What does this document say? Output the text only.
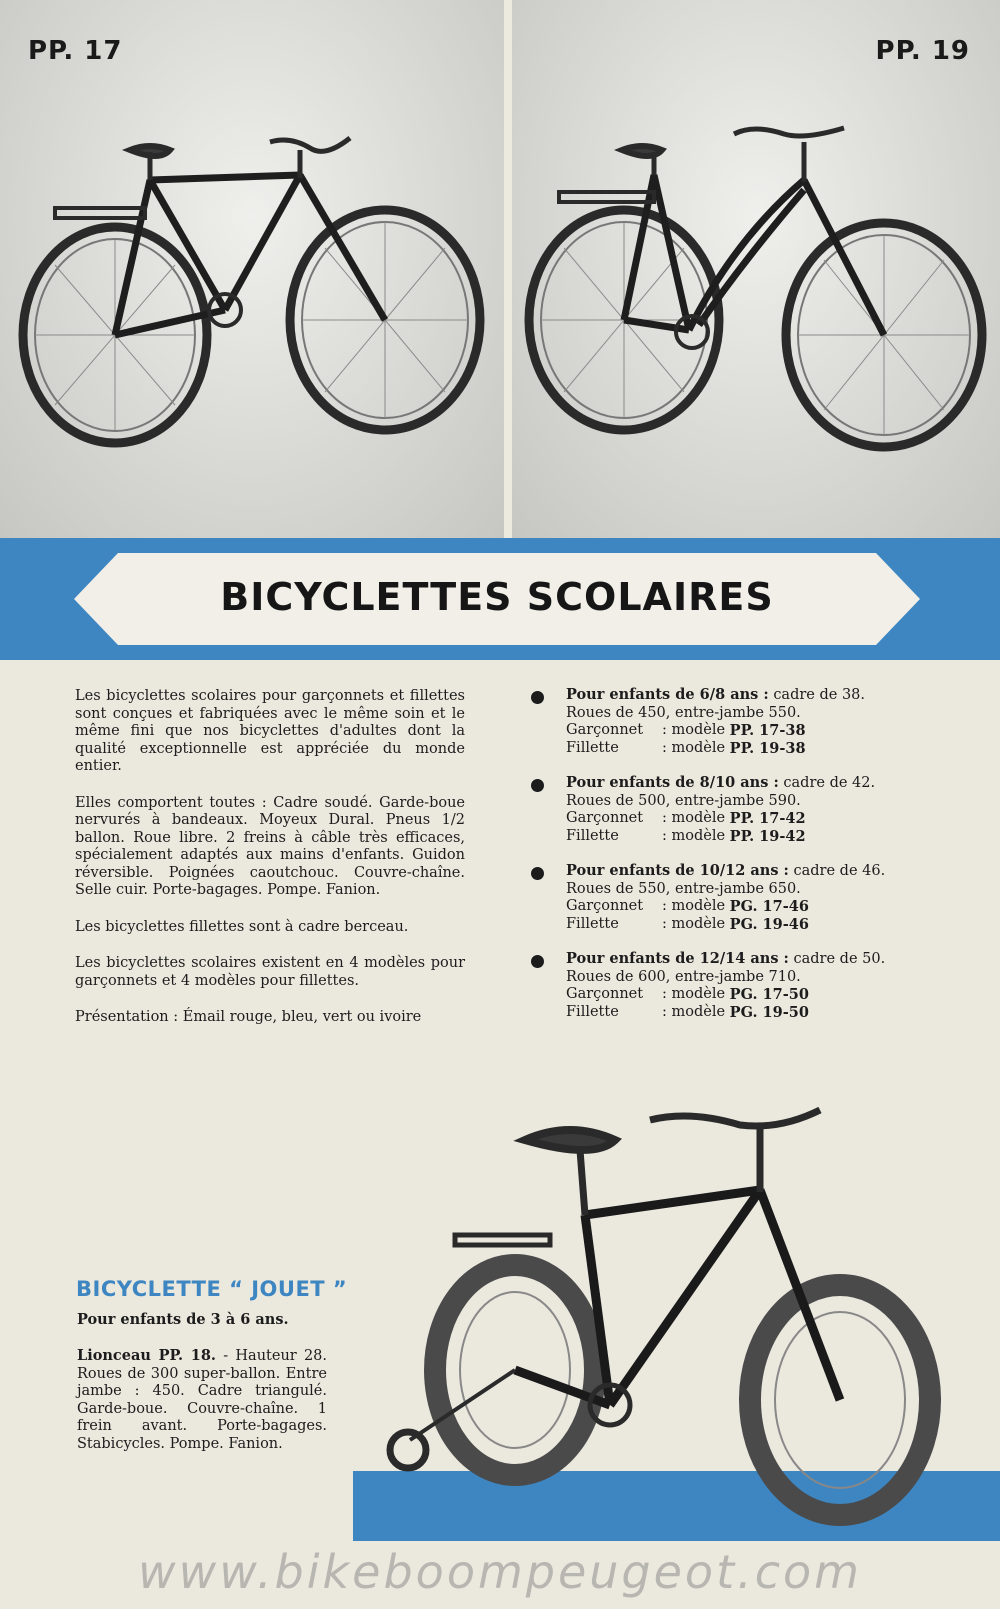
PP. 17	PP. 19
BICYCLETTES SCOLAIRES

Les bicyclettes scolaires pour garçonnets et fillettes sont conçues et fabriquées avec le même soin et le même fini que nos bicyclettes d'adultes dont la qualité exceptionnelle est appréciée du monde entier.

Elles comportent toutes : Cadre soudé. Garde-boue nervurés à bandeaux. Moyeux Dural. Pneus 1/2 ballon. Roue libre. 2 freins à câble très efficaces, spécialement adaptés aux mains d'enfants. Guidon réversible. Poignées caoutchouc. Couvre-chaîne. Selle cuir. Porte-bagages. Pompe. Fanion.

Les bicyclettes fillettes sont à cadre berceau.

Les bicyclettes scolaires existent en 4 modèles pour garçonnets et 4 modèles pour fillettes.

Présentation : Émail rouge, bleu, vert ou ivoire

Pour enfants de 6/8 ans : cadre de 38.
Roues de 450, entre-jambe 550.
Garçonnet	: modèle
PP. 17-38
Fillette	: modèle
PP. 19-38
Pour enfants de 8/10 ans : cadre de 42.
Roues de 500, entre-jambe 590.
Garçonnet	: modèle
PP. 17-42
Fillette	: modèle
PP. 19-42
Pour enfants de 10/12 ans : cadre de 46.
Roues de 550, entre-jambe 650.
Garçonnet	: modèle
PG. 17-46
Fillette	: modèle
PG. 19-46
Pour enfants de 12/14 ans : cadre de 50.
Roues de 600, entre-jambe 710.
Garçonnet	: modèle
PG. 17-50
Fillette	: modèle
PG. 19-50
BICYCLETTE “ JOUET ”
Pour enfants de 3 à 6 ans.
Lionceau PP. 18. - Hauteur 28. Roues de 300 super-ballon. Entre jambe : 450. Cadre triangulé. Garde-boue. Couvre-chaîne. 1 frein avant. Porte-bagages. Stabicycles. Pompe. Fanion.
www.bikeboompeugeot.com
